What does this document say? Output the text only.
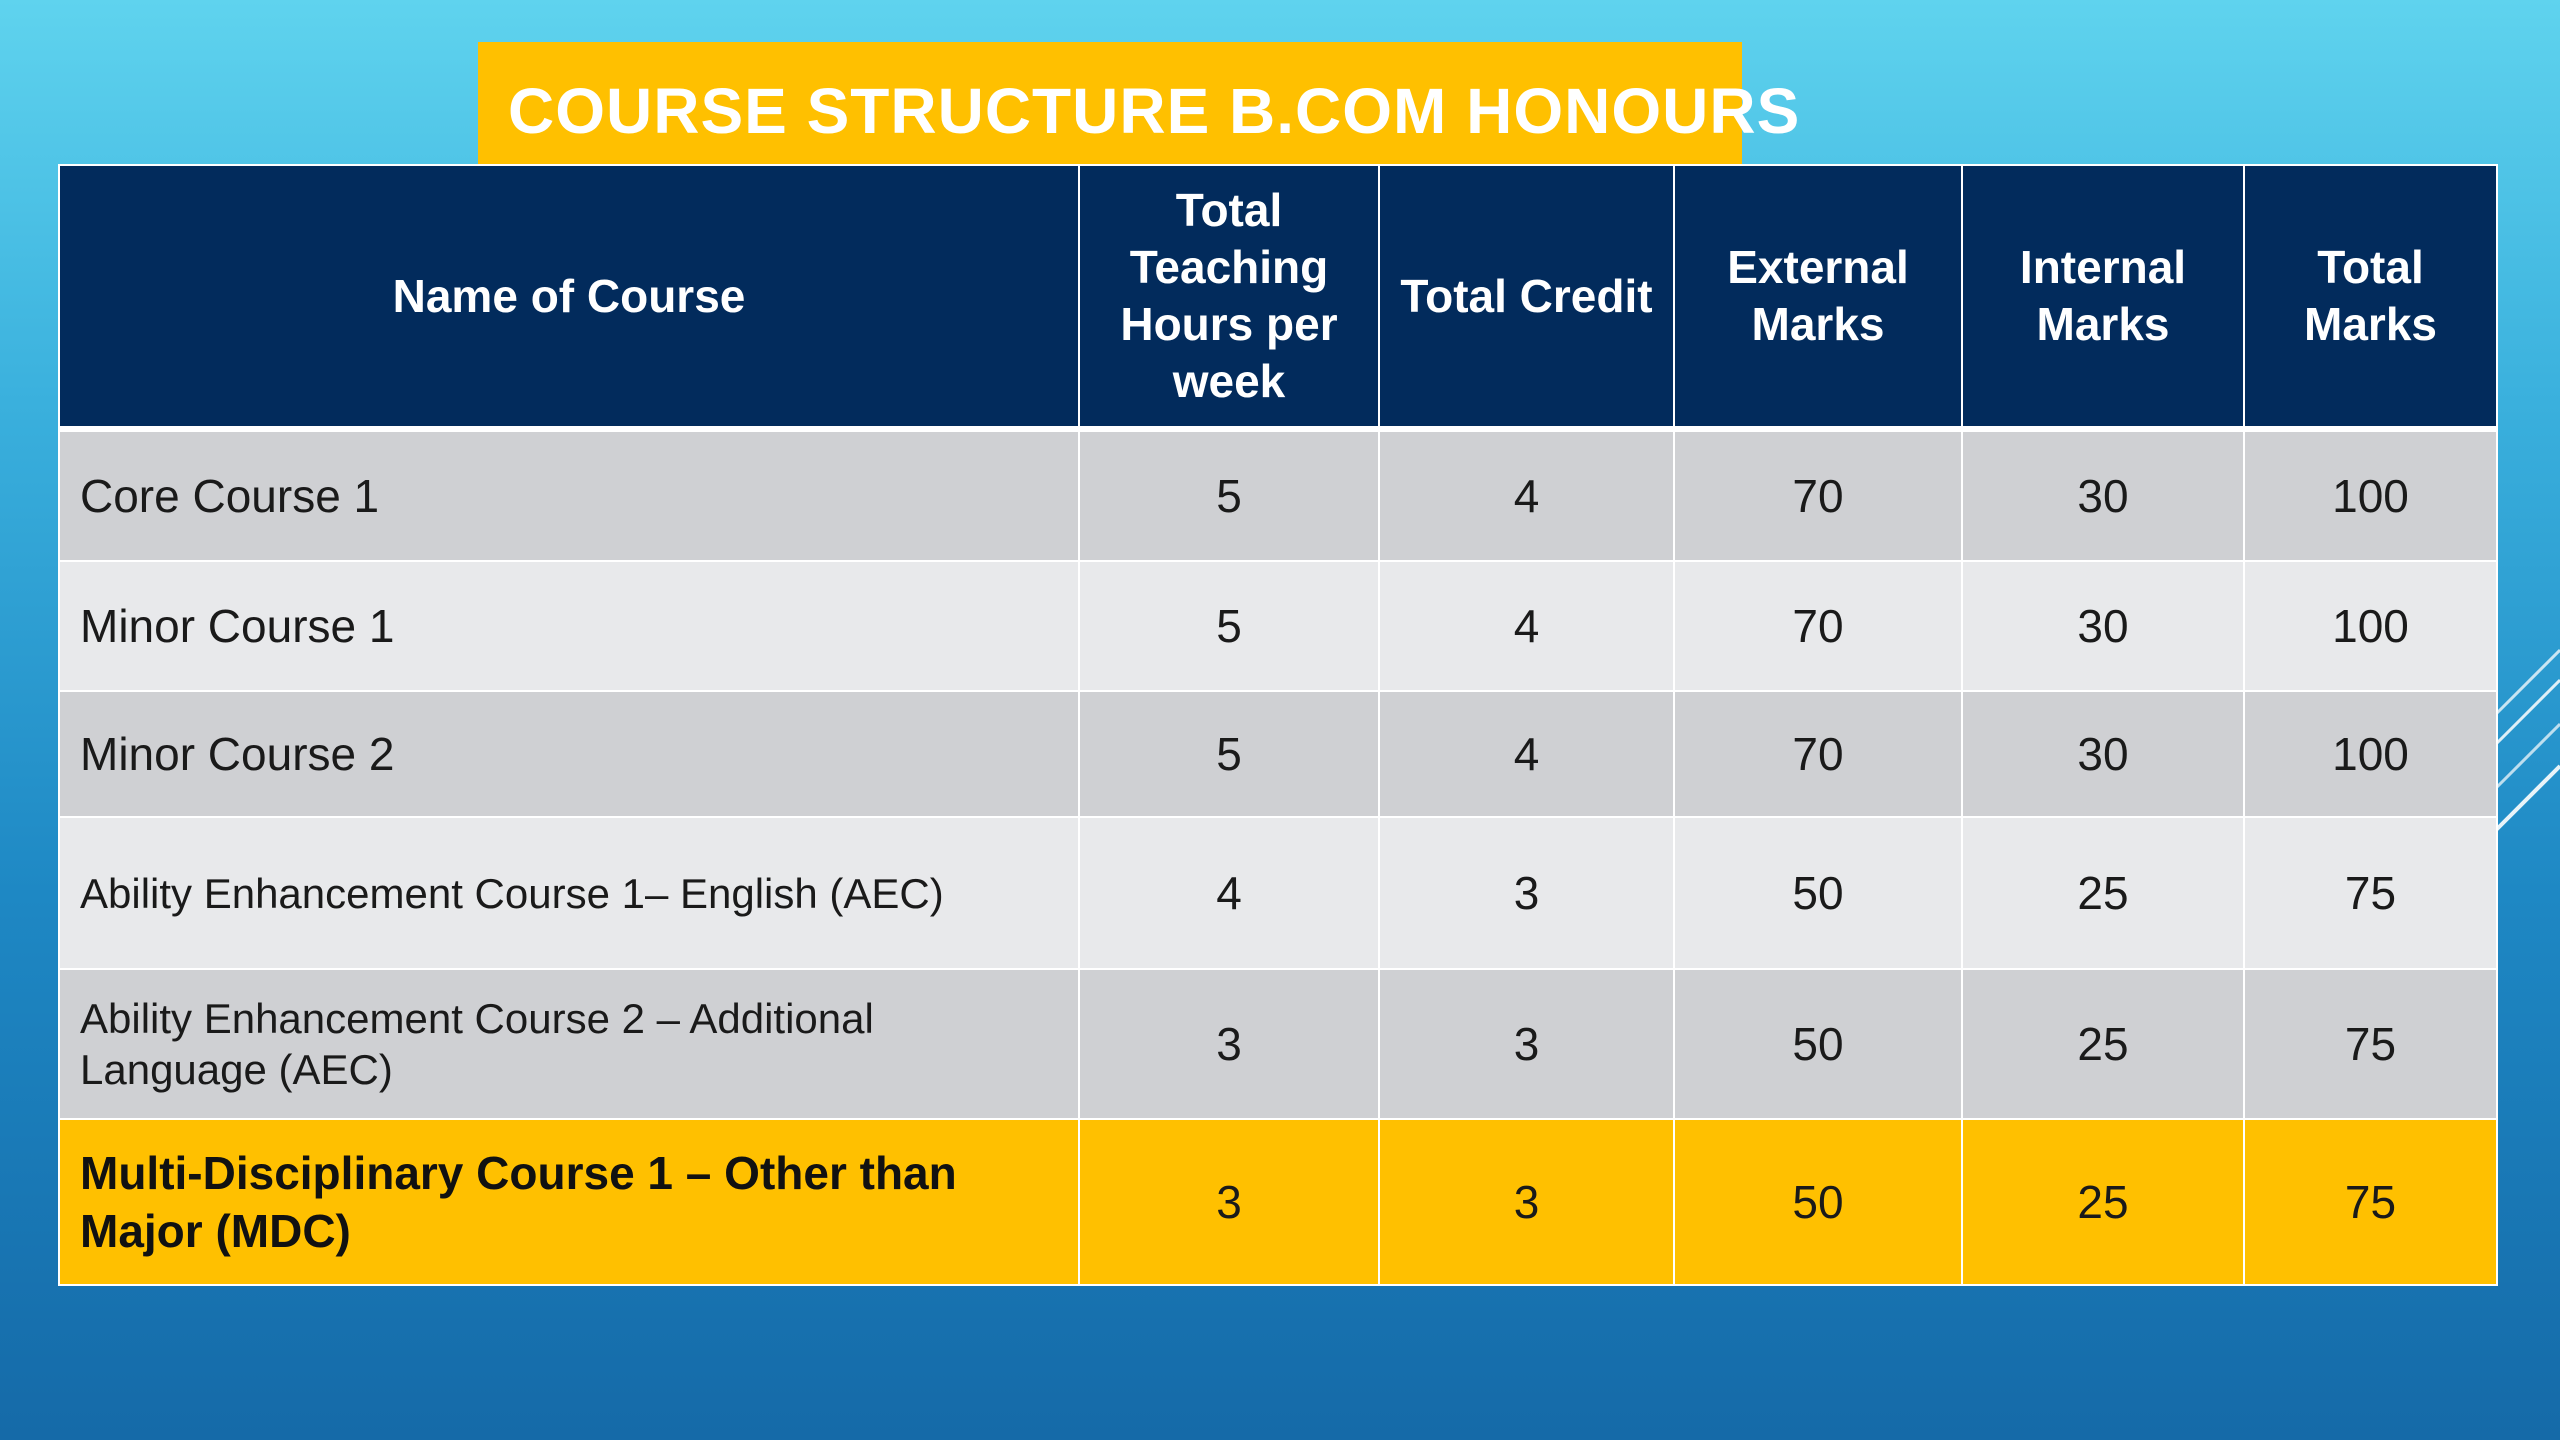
COURSE STRUCTURE B.COM HONOURS
Name of Course	Total Teaching Hours per week	Total Credit	External Marks	Internal Marks	Total Marks
Core Course 1	5	4	70	30	100
Minor Course 1	5	4	70	30	100
Minor Course 2	5	4	70	30	100
Ability Enhancement Course 1– English (AEC)	4	3	50	25	75
Ability Enhancement Course 2 – Additional Language (AEC)	3	3	50	25	75
Multi-Disciplinary Course 1 – Other than Major (MDC)	3	3	50	25	75
